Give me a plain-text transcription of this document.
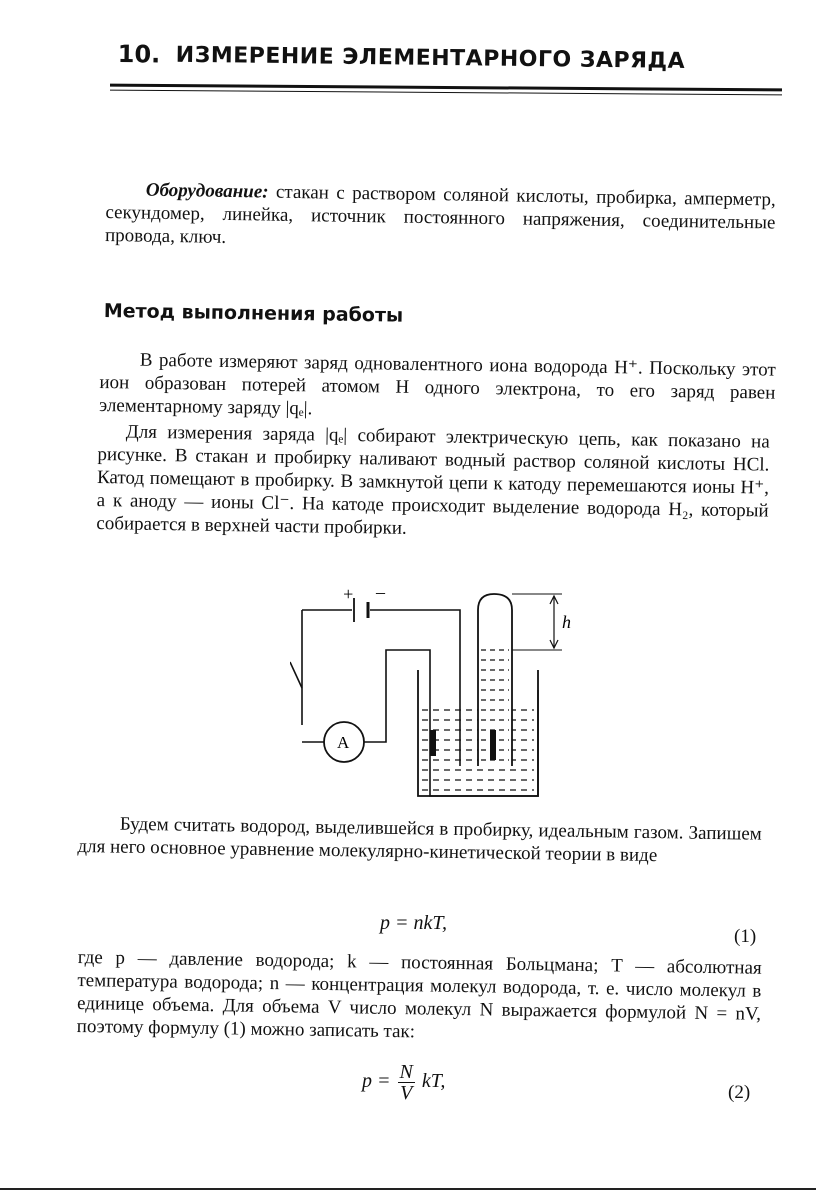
10. ИЗМЕРЕНИЕ ЭЛЕМЕНТАРНОГО ЗАРЯДА
Оборудование: стакан с раствором соляной кислоты, пробирка, амперметр, секундомер, линейка, источник постоянного напряжения, соединительные провода, ключ.
Метод выполнения работы
В работе измеряют заряд одновалентного иона водорода H⁺. Поскольку этот ион образован потерей атомом H одного электрона, то его заряд равен элементарному заряду |qₑ|.
Для измерения заряда |qₑ| собирают электрическую цепь, как показано на рисунке. В стакан и пробирку наливают водный раствор соляной кислоты HCl. Катод помещают в пробирку. В замкнутой цепи к катоду перемешаются ионы H⁺, а к аноду — ионы Cl⁻. На катоде происходит выделение водорода H₂, который собирается в верхней части пробирки.
+ –
A
h
Будем считать водород, выделившейся в пробирку, идеальным газом. Запишем для него основное уравнение молекулярно-кинетической теории в виде
p = nkT,
(1)
где p — давление водорода; k — постоянная Больцмана; T — абсолютная температура водорода; n — концентрация молекул водорода, т. е. число молекул в единице объема. Для объема V число молекул N выражается формулой N = nV, поэтому формулу (1) можно записать так:
$p = \frac{N}{V}$ kT,
(2)
